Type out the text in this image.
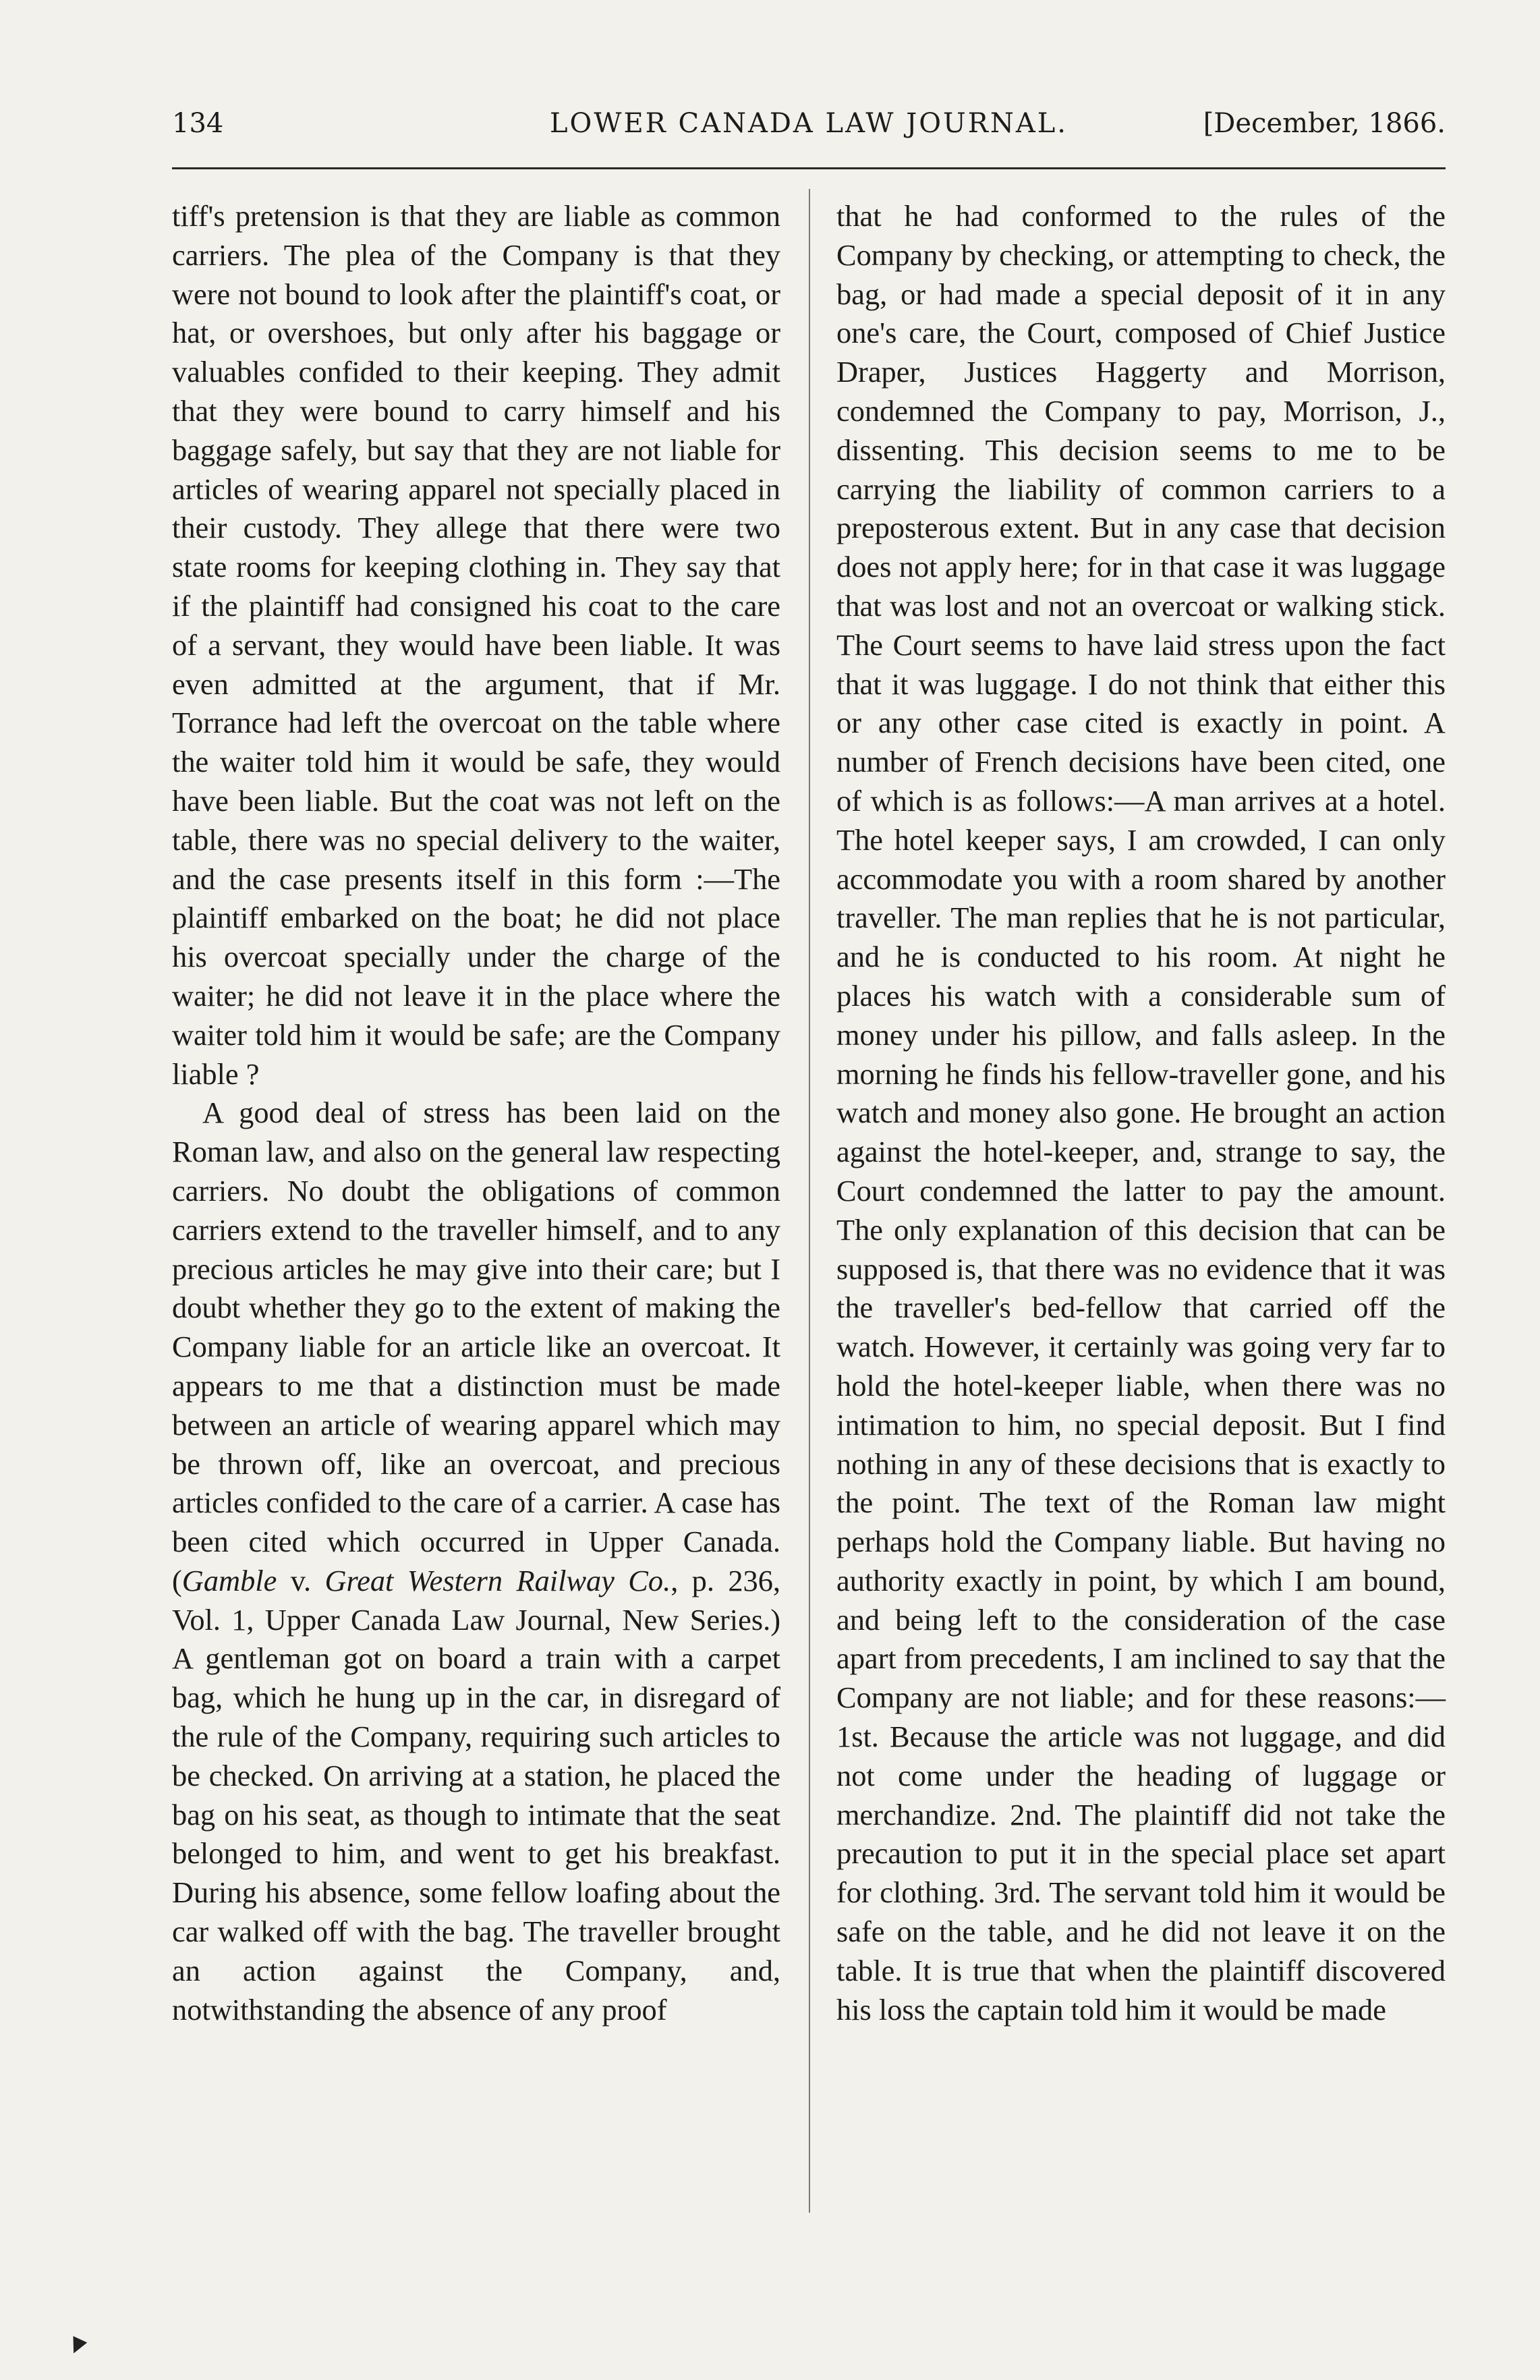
134	LOWER CANADA LAW JOURNAL.	[December, 1866.

tiff's pretension is that they are liable as common carriers. The plea of the Company is that they were not bound to look after the plaintiff's coat, or hat, or overshoes, but only after his baggage or valuables confided to their keeping. They admit that they were bound to carry himself and his baggage safely, but say that they are not liable for articles of wearing apparel not specially placed in their custody. They allege that there were two state rooms for keeping clothing in. They say that if the plaintiff had consigned his coat to the care of a servant, they would have been liable. It was even admitted at the argument, that if Mr. Torrance had left the overcoat on the table where the waiter told him it would be safe, they would have been liable. But the coat was not left on the table, there was no special delivery to the waiter, and the case presents itself in this form :—The plaintiff embarked on the boat; he did not place his overcoat specially under the charge of the waiter; he did not leave it in the place where the waiter told him it would be safe; are the Company liable ?

A good deal of stress has been laid on the Roman law, and also on the general law respecting carriers. No doubt the obligations of common carriers extend to the traveller himself, and to any precious articles he may give into their care; but I doubt whether they go to the extent of making the Company liable for an article like an overcoat. It appears to me that a distinction must be made between an article of wearing apparel which may be thrown off, like an overcoat, and precious articles confided to the care of a carrier. A case has been cited which occurred in Upper Canada. (Gamble v. Great Western Railway Co., p. 236, Vol. 1, Upper Canada Law Journal, New Series.) A gentleman got on board a train with a carpet bag, which he hung up in the car, in disregard of the rule of the Company, requiring such articles to be checked. On arriving at a station, he placed the bag on his seat, as though to intimate that the seat belonged to him, and went to get his breakfast. During his absence, some fellow loafing about the car walked off with the bag. The traveller brought an action against the Company, and, notwithstanding the absence of any proof

that he had conformed to the rules of the Company by checking, or attempting to check, the bag, or had made a special deposit of it in any one's care, the Court, composed of Chief Justice Draper, Justices Haggerty and Morrison, condemned the Company to pay, Morrison, J., dissenting. This decision seems to me to be carrying the liability of common carriers to a preposterous extent. But in any case that decision does not apply here; for in that case it was luggage that was lost and not an overcoat or walking stick. The Court seems to have laid stress upon the fact that it was luggage. I do not think that either this or any other case cited is exactly in point. A number of French decisions have been cited, one of which is as follows:—A man arrives at a hotel. The hotel keeper says, I am crowded, I can only accommodate you with a room shared by another traveller. The man replies that he is not particular, and he is conducted to his room. At night he places his watch with a considerable sum of money under his pillow, and falls asleep. In the morning he finds his fellow-traveller gone, and his watch and money also gone. He brought an action against the hotel-keeper, and, strange to say, the Court condemned the latter to pay the amount. The only explanation of this decision that can be supposed is, that there was no evidence that it was the traveller's bed-fellow that carried off the watch. However, it certainly was going very far to hold the hotel-keeper liable, when there was no intimation to him, no special deposit. But I find nothing in any of these decisions that is exactly to the point. The text of the Roman law might perhaps hold the Company liable. But having no authority exactly in point, by which I am bound, and being left to the consideration of the case apart from precedents, I am inclined to say that the Company are not liable; and for these reasons:—1st. Because the article was not luggage, and did not come under the heading of luggage or merchandize. 2nd. The plaintiff did not take the precaution to put it in the special place set apart for clothing. 3rd. The servant told him it would be safe on the table, and he did not leave it on the table. It is true that when the plaintiff discovered his loss the captain told him it would be made

▼
